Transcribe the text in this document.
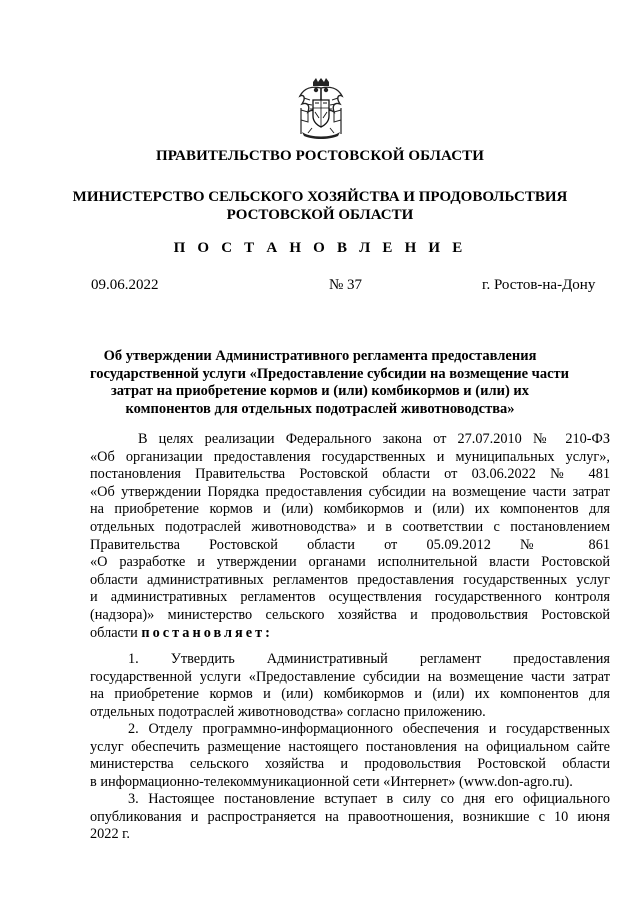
ПРАВИТЕЛЬСТВО РОСТОВСКОЙ ОБЛАСТИ
МИНИСТЕРСТВО СЕЛЬСКОГО ХОЗЯЙСТВА И ПРОДОВОЛЬСТВИЯ
РОСТОВСКОЙ ОБЛАСТИ
П О С Т А Н О В Л Е Н И Е
09.06.2022	№ 37	г. Ростов-на-Дону
Об утверждении Административного регламента предоставления
государственной услуги «Предоставление субсидии на возмещение части
затрат на приобретение кормов и (или) комбикормов и (или) их
компонентов для отдельных подотраслей животноводства»
В целях реализации Федерального закона от 27.07.2010 № 210-ФЗ
«Об организации предоставления государственных и муниципальных услуг»,
постановления Правительства Ростовской области от 03.06.2022 № 481
«Об утверждении Порядка предоставления субсидии на возмещение части затрат
на приобретение кормов и (или) комбикормов и (или) их компонентов для
отдельных подотраслей животноводства» и в соответствии с постановлением
Правительства Ростовской области от 05.09.2012 № 861
«О разработке и утверждении органами исполнительной власти Ростовской
области административных регламентов предоставления государственных услуг
и административных регламентов осуществления государственного контроля
(надзора)» министерство сельского хозяйства и продовольствия Ростовской
области постановляет:
1. Утвердить Административный регламент предоставления
государственной услуги «Предоставление субсидии на возмещение части затрат
на приобретение кормов и (или) комбикормов и (или) их компонентов для
отдельных подотраслей животноводства» согласно приложению.
2. Отделу программно-информационного обеспечения и государственных
услуг обеспечить размещение настоящего постановления на официальном сайте
министерства сельского хозяйства и продовольствия Ростовской области
в информационно-телекоммуникационной сети «Интернет» (www.don-agro.ru).
3. Настоящее постановление вступает в силу со дня его официального
опубликования и распространяется на правоотношения, возникшие с 10 июня
2022 г.
